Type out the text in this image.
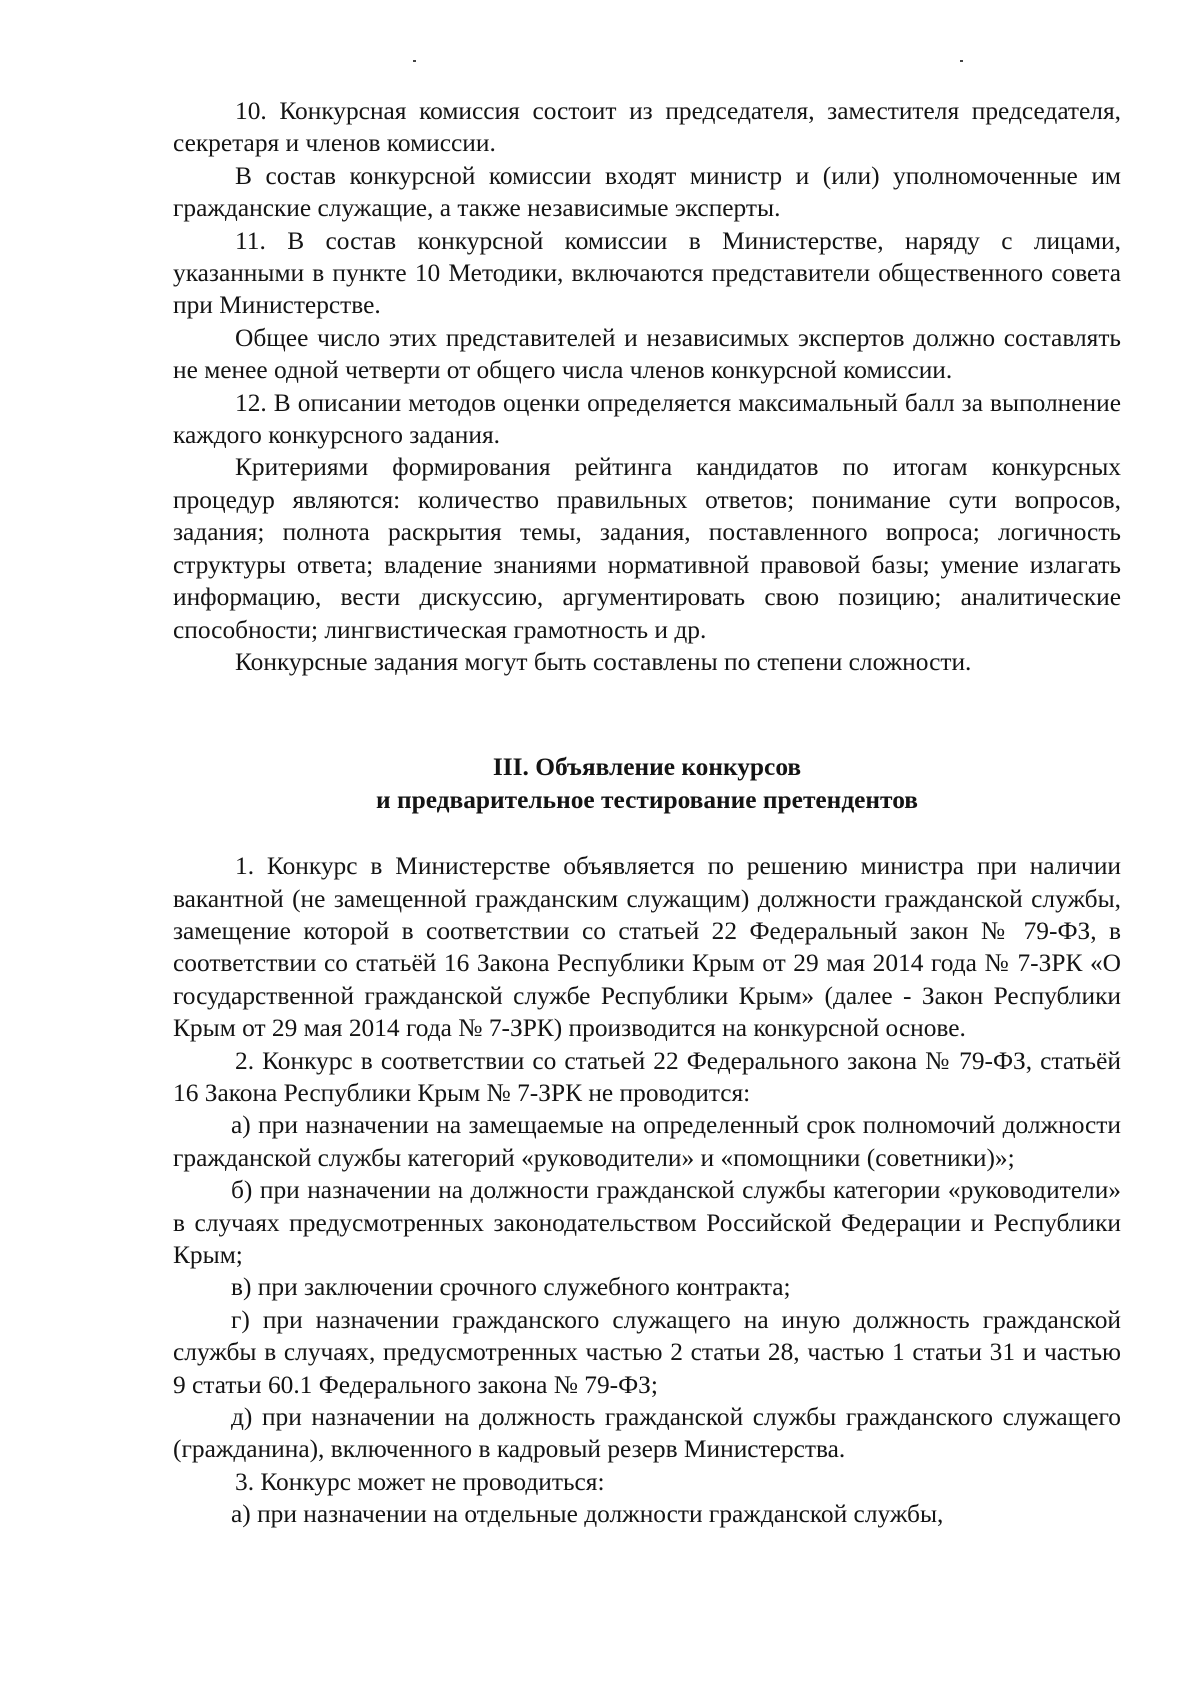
10. Конкурсная комиссия состоит из председателя, заместителя председателя, секретаря и членов комиссии.

В состав конкурсной комиссии входят министр и (или) уполномоченные им гражданские служащие, а также независимые эксперты.

11. В состав конкурсной комиссии в Министерстве, наряду с лицами, указанными в пункте 10 Методики, включаются представители общественного совета при Министерстве.

Общее число этих представителей и независимых экспертов должно составлять не менее одной четверти от общего числа членов конкурсной комиссии.

12. В описании методов оценки определяется максимальный балл за выполнение каждого конкурсного задания.

Критериями формирования рейтинга кандидатов по итогам конкурсных процедур являются: количество правильных ответов; понимание сути вопросов, задания; полнота раскрытия темы, задания, поставленного вопроса; логичность структуры ответа; владение знаниями нормативной правовой базы; умение излагать информацию, вести дискуссию, аргументировать свою позицию; аналитические способности; лингвистическая грамотность и др.

Конкурсные задания могут быть составлены по степени сложности.

III. Объявление конкурсов
и предварительное тестирование претендентов

1. Конкурс в Министерстве объявляется по решению министра при наличии вакантной (не замещенной гражданским служащим) должности гражданской службы, замещение которой в соответствии со статьей 22 Федеральный закон № 79-ФЗ, в соответствии со статьёй 16 Закона Республики Крым от 29 мая 2014 года № 7-ЗРК «О государственной гражданской службе Республики Крым» (далее - Закон Республики Крым от 29 мая 2014 года № 7-ЗРК) производится на конкурсной основе.

2. Конкурс в соответствии со статьей 22 Федерального закона № 79-ФЗ, статьёй 16 Закона Республики Крым № 7-ЗРК не проводится:

а) при назначении на замещаемые на определенный срок полномочий должности гражданской службы категорий «руководители» и «помощники (советники)»;

б) при назначении на должности гражданской службы категории «руководители» в случаях предусмотренных законодательством Российской Федерации и Республики Крым;

в) при заключении срочного служебного контракта;

г) при назначении гражданского служащего на иную должность гражданской службы в случаях, предусмотренных частью 2 статьи 28, частью 1 статьи 31 и частью 9 статьи 60.1 Федерального закона № 79-ФЗ;

д) при назначении на должность гражданской службы гражданского служащего (гражданина), включенного в кадровый резерв Министерства.

3. Конкурс может не проводиться:

а) при назначении на отдельные должности гражданской службы,
